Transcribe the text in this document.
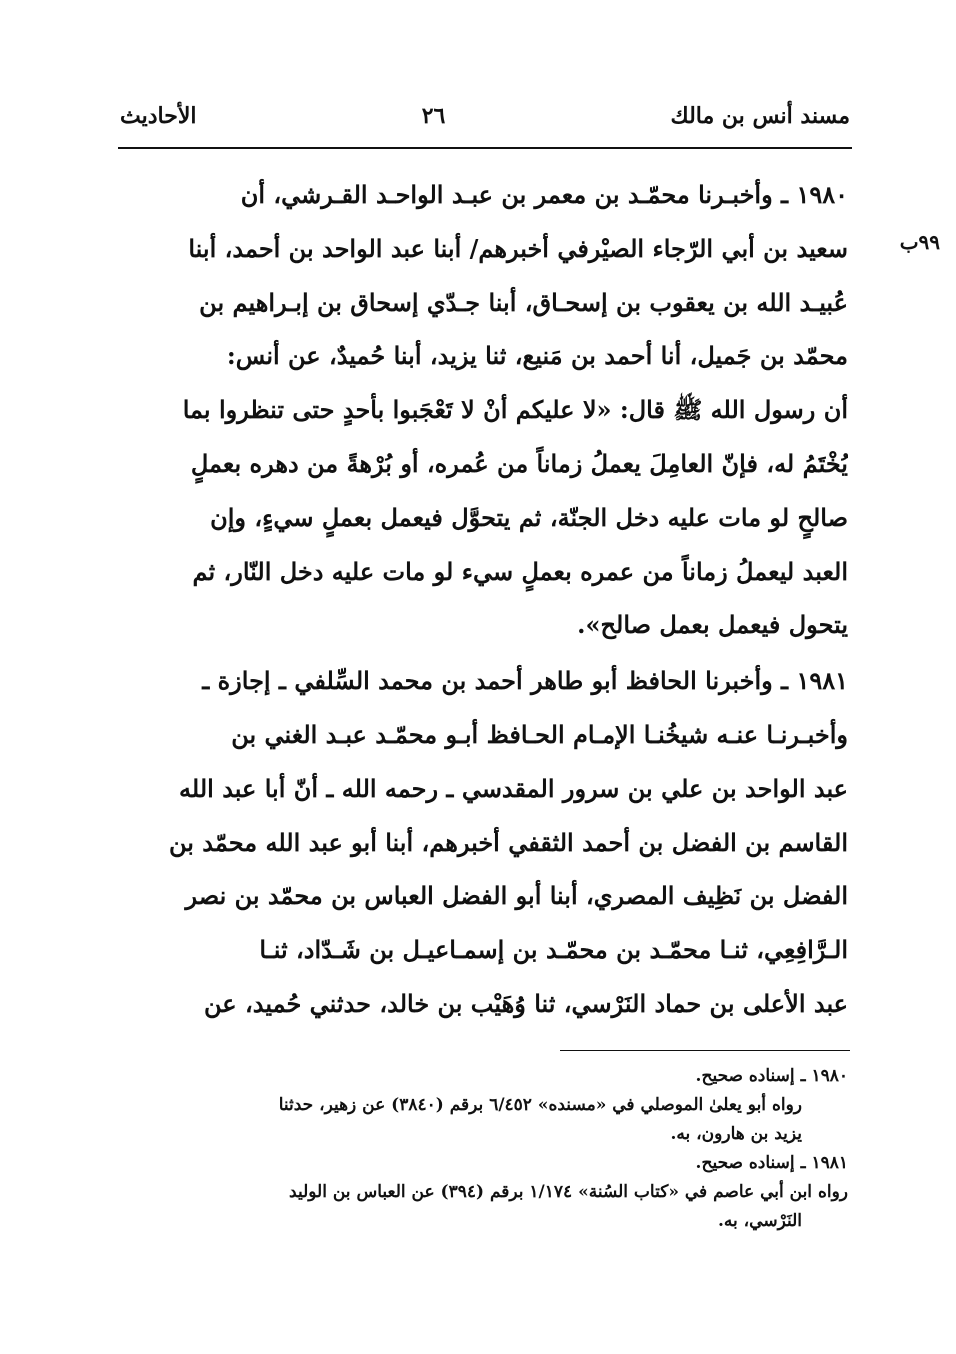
مسند أنس بن مالك
٢٦
الأحاديث
٩٩ب
١٩٨٠ ـ وأخبـرنا محمّـد بن معمر بن عبـد الواحـد القـرشي، أن
سعيد بن أبي الرّجاء الصيْرفي أخبرهم/ أبنا عبد الواحد بن أحمد، أبنا
عُبيـد الله بن يعقوب بن إسحـاق، أبنا جـدّي إسحاق بن إبـراهيم بن
محمّد بن جَميل، أنا أحمد بن مَنيع، ثنا يزيد، أبنا حُميدٌ، عن أنس:
أن رسول الله ﷺ قال: «لا عليكم أنْ لا تَعْجَبوا بأحدٍ حتى تنظروا بما
يُخْتَمُ له، فإنّ العامِلَ يعملُ زماناً من عُمره، أو بُرْهةً من دهره بعملٍ
صالحٍ لو مات عليه دخل الجنّة، ثم يتحوَّل فيعمل بعملٍ سيءٍ، وإن
العبد ليعملُ زماناً من عمره بعملٍ سيء لو مات عليه دخل النّار، ثم
يتحول فيعمل بعمل صالح».
١٩٨١ ـ وأخبرنا الحافظ أبو طاهر أحمد بن محمد السِّلفي ـ إجازة ـ
وأخبـرنـا عنـه شيخُنـا الإمـام الحـافظ أبـو محمّـد عبـد الغني بن
عبد الواحد بن علي بن سرور المقدسي ـ رحمه الله ـ أنّ أبا عبد الله
القاسم بن الفضل بن أحمد الثقفي أخبرهم، أبنا أبو عبد الله محمّد بن
الفضل بن نَظِيف المصري، أبنا أبو الفضل العباس بن محمّد بن نصر
الـرَّافِعِي، ثنـا محمّـد بن محمّـد بن إسمـاعيـل بن شَـدّاد، ثنـا
عبد الأعلى بن حماد النَرْسي، ثنا وُهَيْب بن خالد، حدثني حُميد، عن
١٩٨٠ ـ إسناده صحيح.
رواه أبو يعلىٰ الموصلي في «مسنده» ٦/٤٥٢ برقم (٣٨٤٠) عن زهير، حدثنا
يزيد بن هارون، به.
١٩٨١ ـ إسناده صحيح.
رواه ابن أبي عاصم في «كتاب السُنة» ١/١٧٤ برقم (٣٩٤) عن العباس بن الوليد
النَرْسي، به.
